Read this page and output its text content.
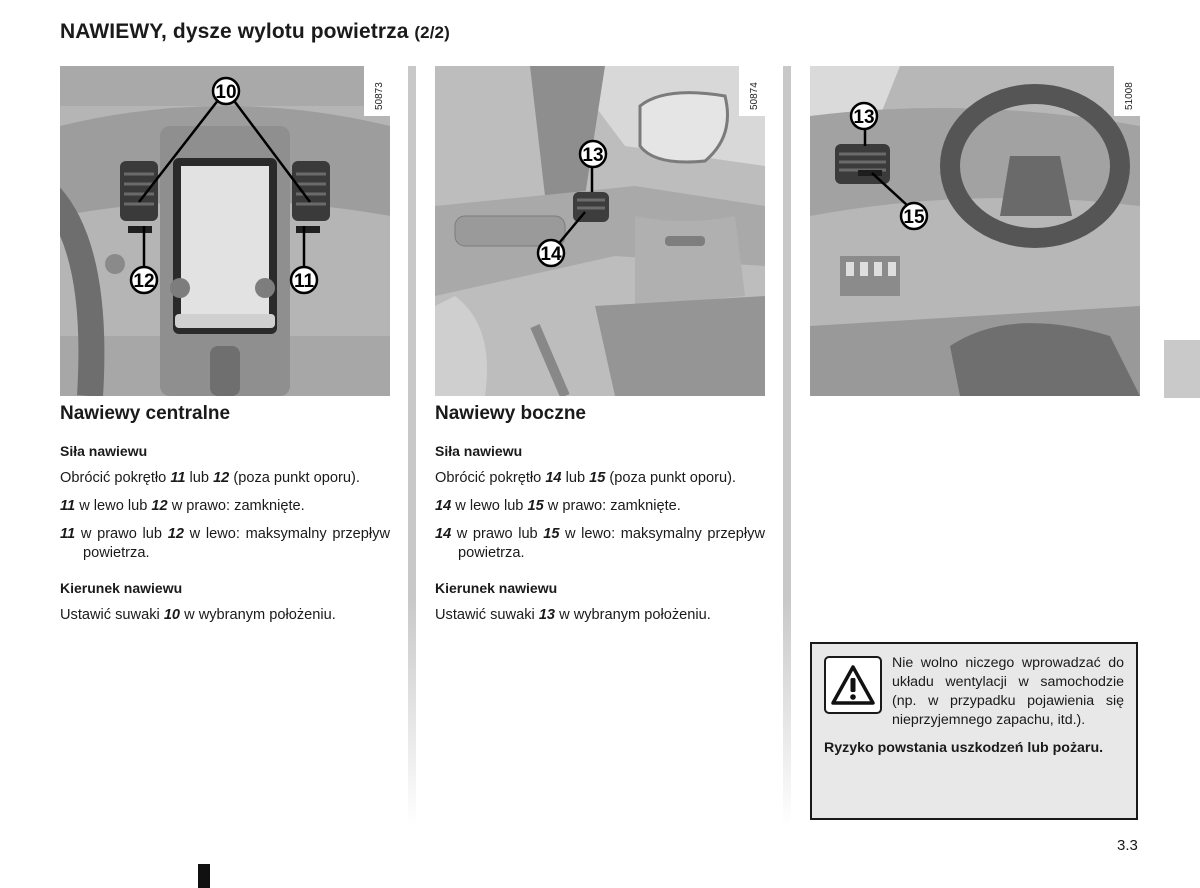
NAWIEWY, dysze wylotu powietrza (2/2)
10
12	11
50873
13
14
50874
13
15
51008
Nawiewy centralne

Siła nawiewu

Obrócić pokrętło 11 lub 12 (poza punkt oporu).

11 w lewo lub 12 w prawo: zamknięte.

11 w prawo lub 12 w lewo: maksymalny przepływ powietrza.

Kierunek nawiewu

Ustawić suwaki 10 w wybranym położeniu.

Nawiewy boczne

Siła nawiewu

Obrócić pokrętło 14 lub 15 (poza punkt oporu).

14 w lewo lub 15 w prawo: zamknięte.

14 w prawo lub 15 w lewo: maksymalny przepływ powietrza.

Kierunek nawiewu

Ustawić suwaki 13 w wybranym położeniu.

Nie wolno niczego wprowadzać do układu wentylacji w samochodzie (np. w przypadku pojawienia się nieprzyjemnego zapachu, itd.).

Ryzyko powstania uszkodzeń lub pożaru.

3.3
